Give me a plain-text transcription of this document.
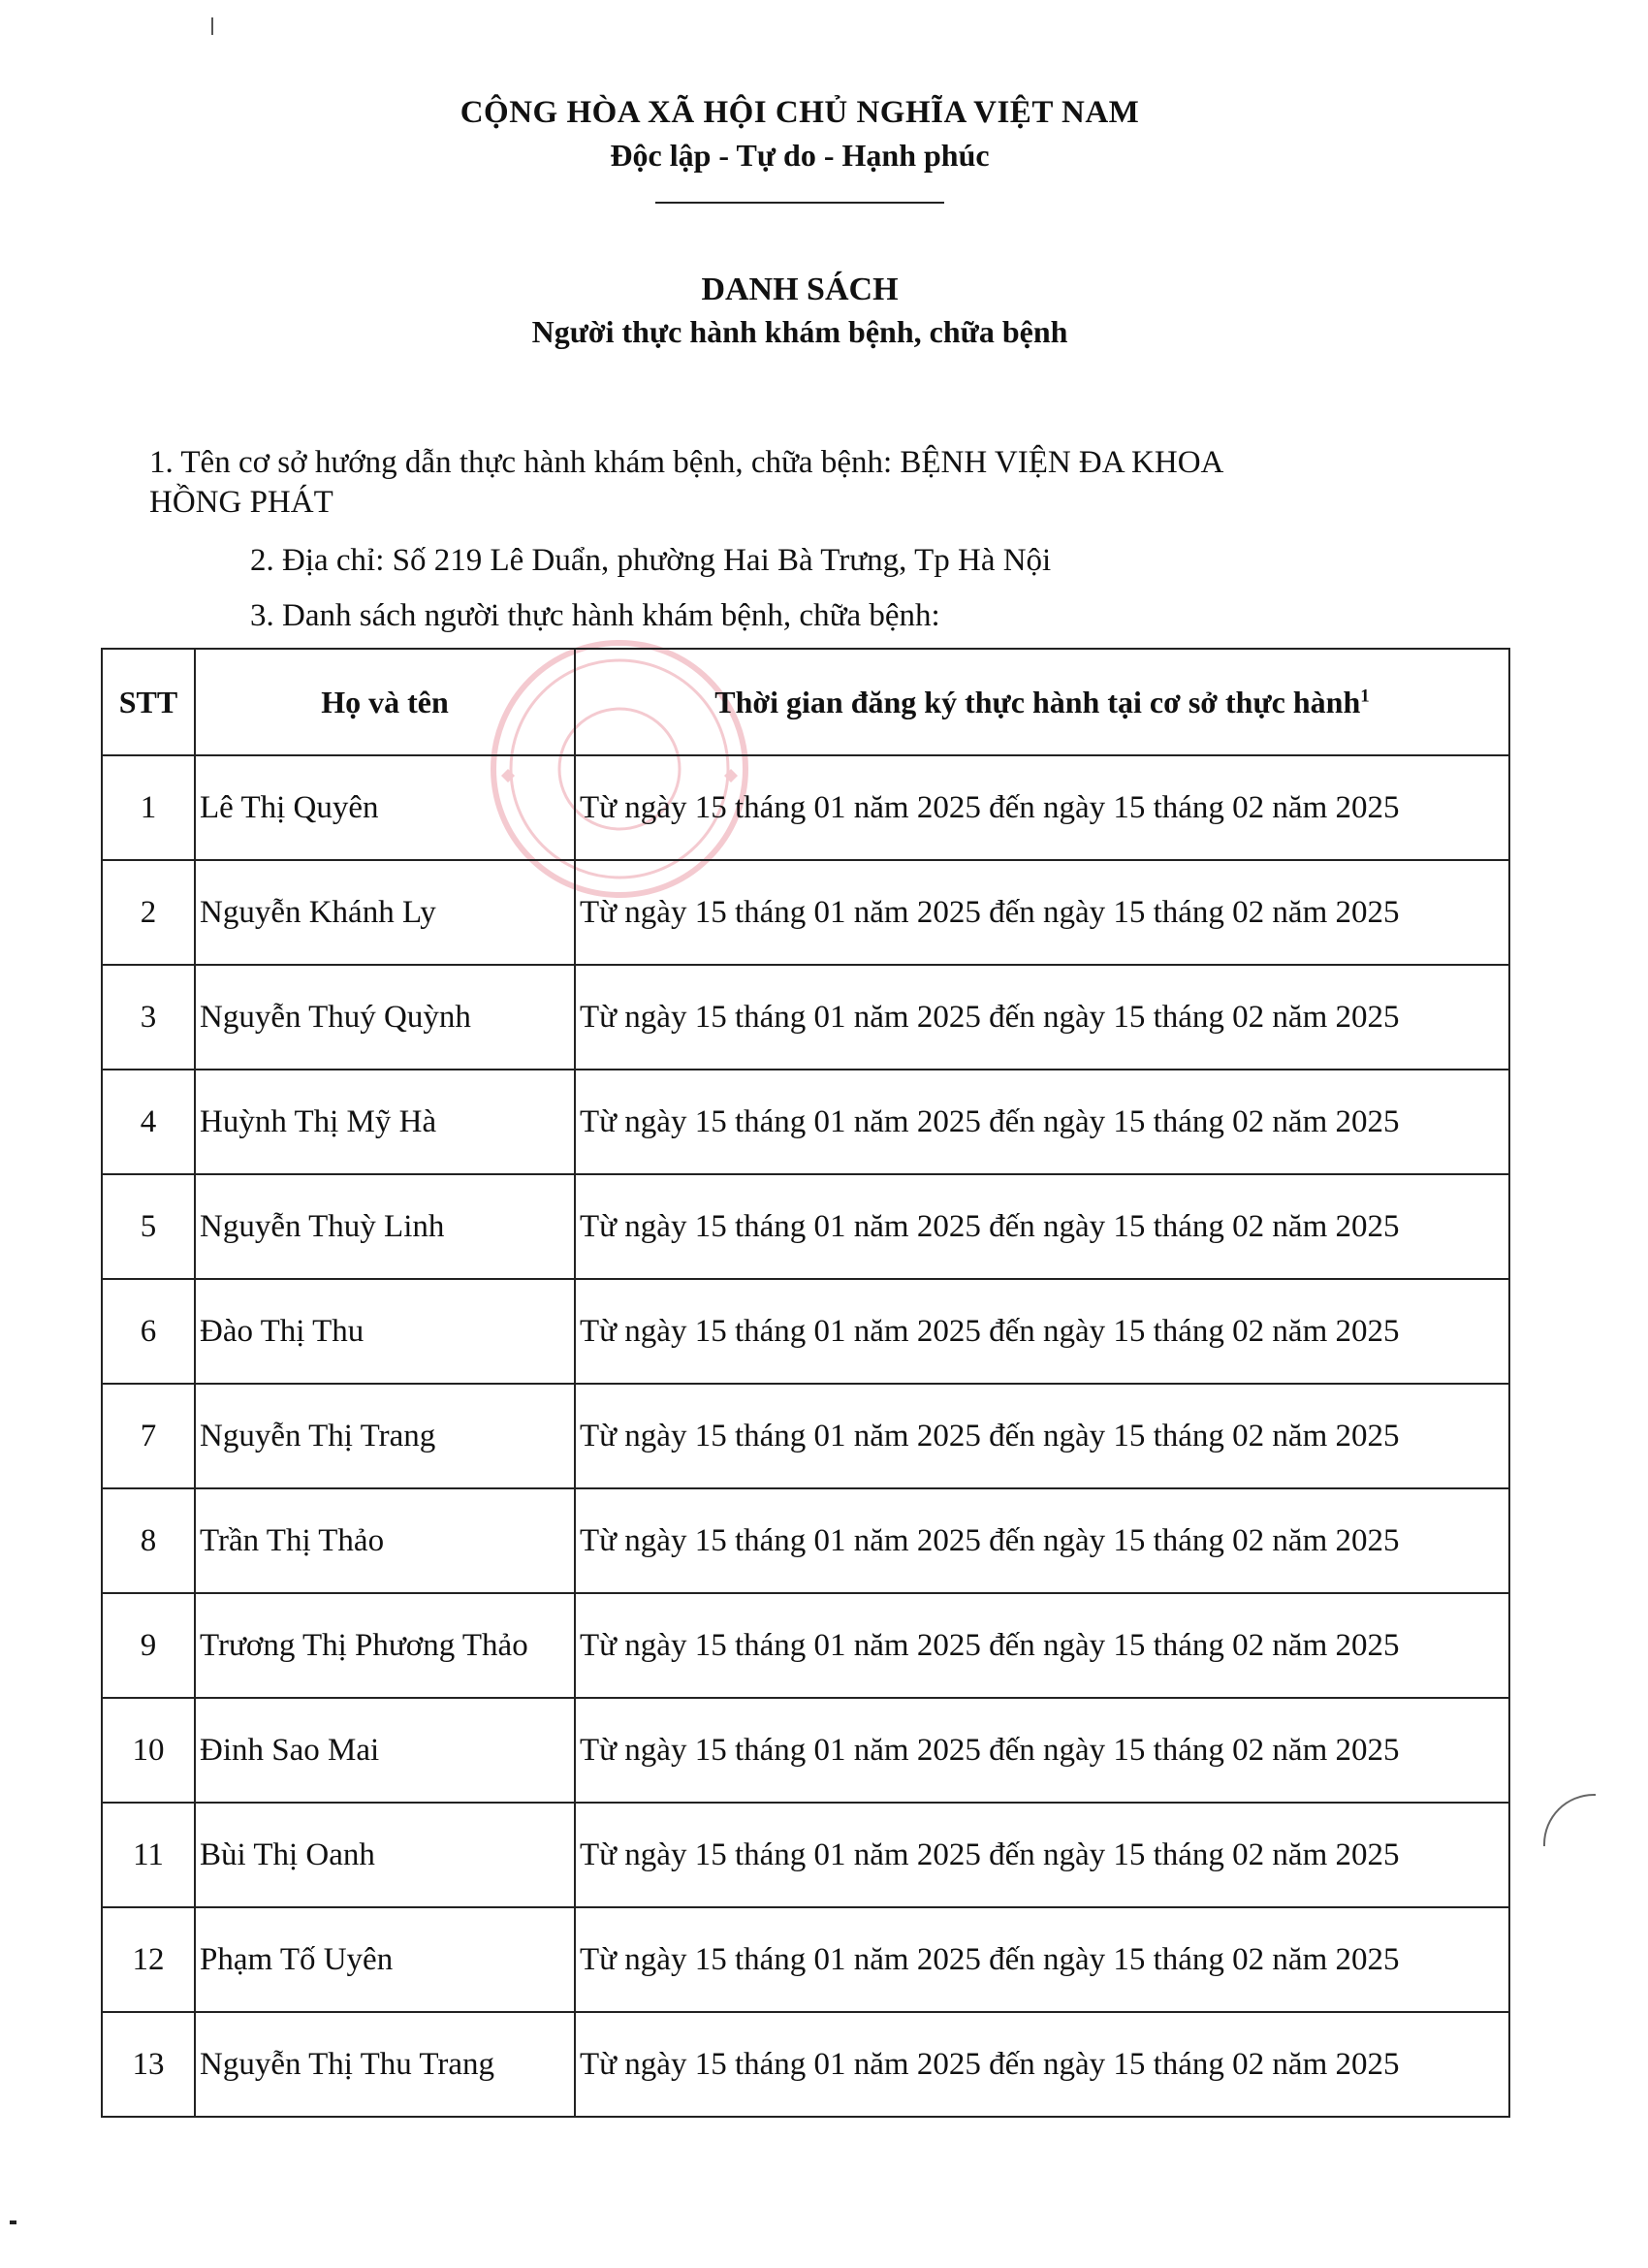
CỘNG HÒA XÃ HỘI CHỦ NGHĨA VIỆT NAM
Độc lập - Tự do - Hạnh phúc
DANH SÁCH
Người thực hành khám bệnh, chữa bệnh
1. Tên cơ sở hướng dẫn thực hành khám bệnh, chữa bệnh: BỆNH VIỆN ĐA KHOA
HỒNG PHÁT
2. Địa chỉ: Số 219 Lê Duẩn, phường Hai Bà Trưng, Tp Hà Nội
3. Danh sách người thực hành khám bệnh, chữa bệnh:
STT	Họ và tên	Thời gian đăng ký thực hành tại cơ sở thực hành$^1$
1	Lê Thị Quyên	Từ ngày 15 tháng 01 năm 2025 đến ngày 15 tháng 02 năm 2025
2	Nguyễn Khánh Ly	Từ ngày 15 tháng 01 năm 2025 đến ngày 15 tháng 02 năm 2025
3	Nguyễn Thuý Quỳnh	Từ ngày 15 tháng 01 năm 2025 đến ngày 15 tháng 02 năm 2025
4	Huỳnh Thị Mỹ Hà	Từ ngày 15 tháng 01 năm 2025 đến ngày 15 tháng 02 năm 2025
5	Nguyễn Thuỳ Linh	Từ ngày 15 tháng 01 năm 2025 đến ngày 15 tháng 02 năm 2025
6	Đào Thị Thu	Từ ngày 15 tháng 01 năm 2025 đến ngày 15 tháng 02 năm 2025
7	Nguyễn Thị Trang	Từ ngày 15 tháng 01 năm 2025 đến ngày 15 tháng 02 năm 2025
8	Trần Thị Thảo	Từ ngày 15 tháng 01 năm 2025 đến ngày 15 tháng 02 năm 2025
9	Trương Thị Phương Thảo	Từ ngày 15 tháng 01 năm 2025 đến ngày 15 tháng 02 năm 2025
10	Đinh Sao Mai	Từ ngày 15 tháng 01 năm 2025 đến ngày 15 tháng 02 năm 2025
11	Bùi Thị Oanh	Từ ngày 15 tháng 01 năm 2025 đến ngày 15 tháng 02 năm 2025
12	Phạm Tố Uyên	Từ ngày 15 tháng 01 năm 2025 đến ngày 15 tháng 02 năm 2025
13	Nguyễn Thị Thu Trang	Từ ngày 15 tháng 01 năm 2025 đến ngày 15 tháng 02 năm 2025
